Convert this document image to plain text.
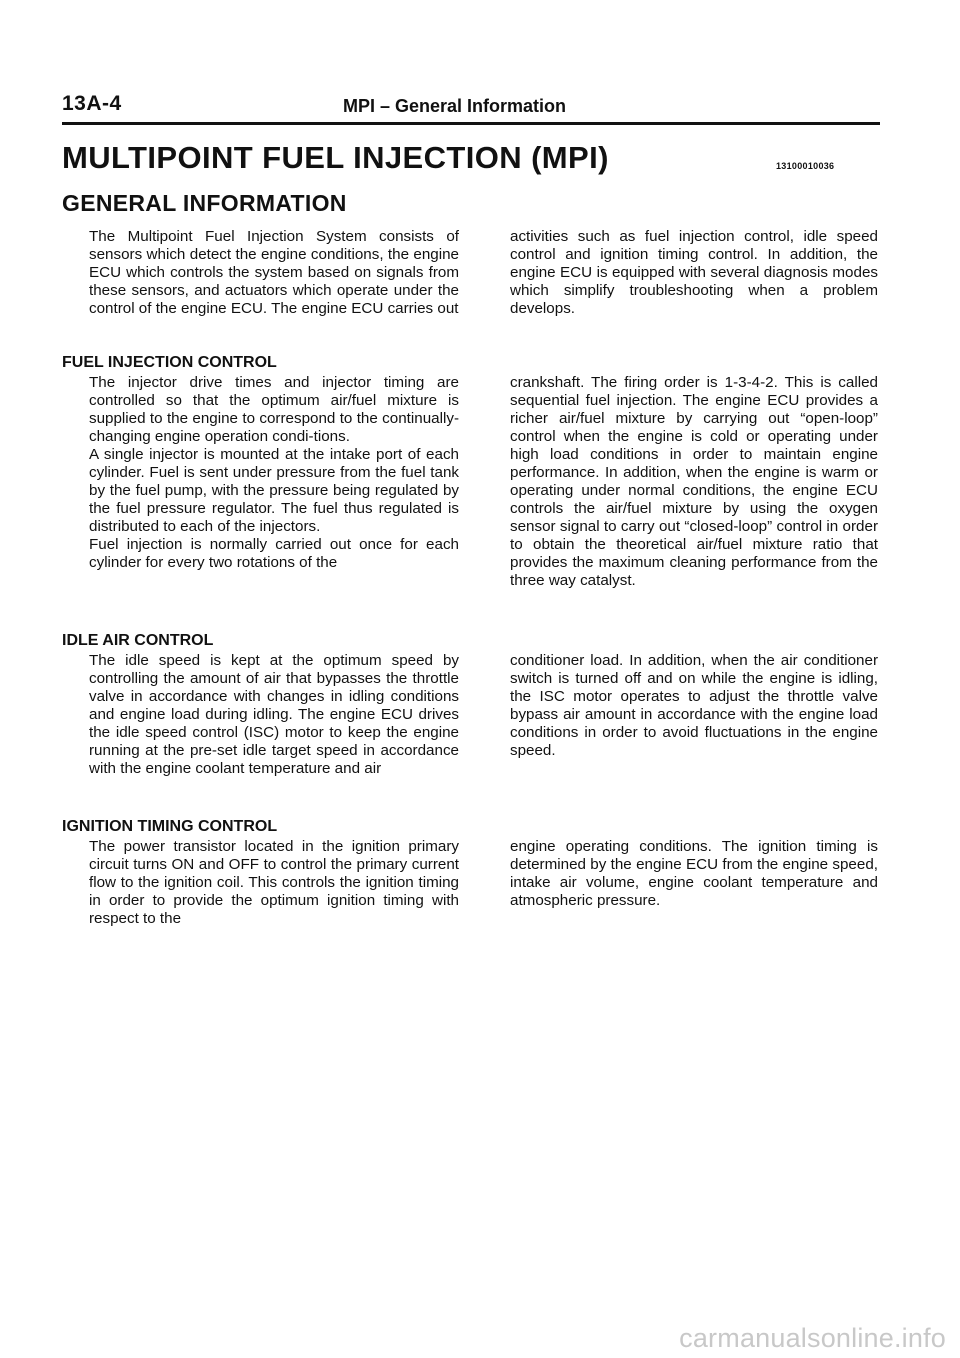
13A-4	MPI – General Information
MULTIPOINT FUEL INJECTION (MPI)	13100010036
GENERAL INFORMATION

The Multipoint Fuel Injection System consists of sensors which detect the engine conditions, the engine ECU which controls the system based on signals from these sensors, and actuators which operate under the control of the engine ECU. The engine ECU carries out

activities such as fuel injection control, idle speed control and ignition timing control. In addition, the engine ECU is equipped with several diagnosis modes which simplify troubleshooting when a problem develops.

FUEL INJECTION CONTROL

The injector drive times and injector timing are controlled so that the optimum air/fuel mixture is supplied to the engine to correspond to the continually-changing engine operation condi-tions.

A single injector is mounted at the intake port of each cylinder. Fuel is sent under pressure from the fuel tank by the fuel pump, with the pressure being regulated by the fuel pressure regulator. The fuel thus regulated is distributed to each of the injectors.

Fuel injection is normally carried out once for each cylinder for every two rotations of the

crankshaft. The firing order is 1-3-4-2. This is called sequential fuel injection. The engine ECU provides a richer air/fuel mixture by carrying out “open-loop” control when the engine is cold or operating under high load conditions in order to maintain engine performance. In addition, when the engine is warm or operating under normal conditions, the engine ECU controls the air/fuel mixture by using the oxygen sensor signal to carry out “closed-loop” control in order to obtain the theoretical air/fuel mixture ratio that provides the maximum cleaning performance from the three way catalyst.

IDLE AIR CONTROL

The idle speed is kept at the optimum speed by controlling the amount of air that bypasses the throttle valve in accordance with changes in idling conditions and engine load during idling. The engine ECU drives the idle speed control (ISC) motor to keep the engine running at the pre-set idle target speed in accordance with the engine coolant temperature and air

conditioner load. In addition, when the air conditioner switch is turned off and on while the engine is idling, the ISC motor operates to adjust the throttle valve bypass air amount in accordance with the engine load conditions in order to avoid fluctuations in the engine speed.

IGNITION TIMING CONTROL

The power transistor located in the ignition primary circuit turns ON and OFF to control the primary current flow to the ignition coil. This controls the ignition timing in order to provide the optimum ignition timing with respect to the

engine operating conditions. The ignition timing is determined by the engine ECU from the engine speed, intake air volume, engine coolant temperature and atmospheric pressure.

carmanualsonline.info
